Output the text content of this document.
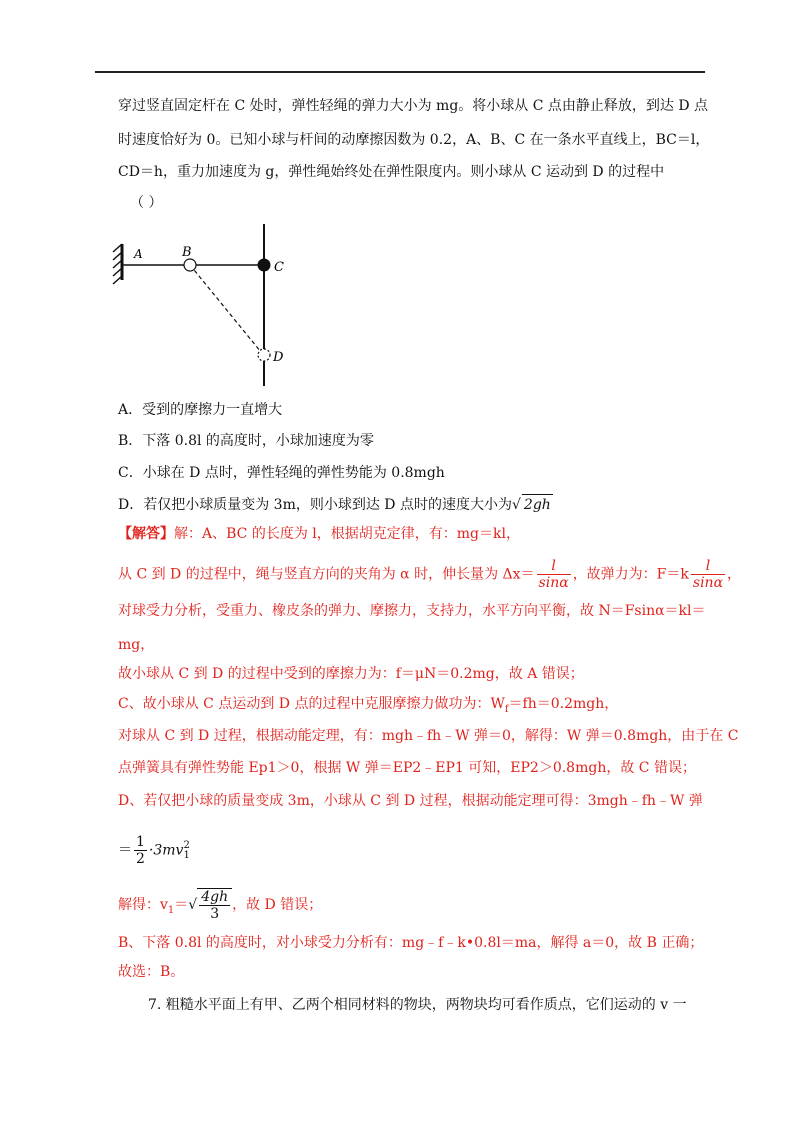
穿过竖直固定杆在 C 处时，弹性轻绳的弹力大小为 mg。将小球从 C 点由静止释放，到达 D 点
时速度恰好为 0。已知小球与杆间的动摩擦因数为 0.2，A、B、C 在一条水平直线上，BC＝l，
CD＝h，重力加速度为 g，弹性绳始终处在弹性限度内。则小球从 C 运动到 D 的过程中
（ ）
A	B
C
D
A．受到的摩擦力一直增大
B．下落 0.8l 的高度时，小球加速度为零
C．小球在 D 点时，弹性轻绳的弹性势能为 0.8mgh
D．若仅把小球质量变为 3m，则小球到达 D 点时的速度大小为√ 2gh
【解答】解：A、BC 的长度为 l，根据胡克定律，有：mg＝kl，
从 C 到 D 的过程中，绳与竖直方向的夹角为 α 时，伸长量为 $\Delta x= \frac{l}{\sin\alpha}$ ，故弹力为：$F=k \frac{l}{\sin\alpha}$ ，
对球受力分析，受重力、橡皮条的弹力、摩擦力，支持力，水平方向平衡，故 N＝Fsinα＝kl＝
mg，
故小球从 C 到 D 的过程中受到的摩擦力为：f＝μN＝0.2mg，故 A 错误；
C、故小球从 C 点运动到 D 点的过程中克服摩擦力做功为：$W_f=fh=0.2mgh$，
对球从 C 到 D 过程，根据动能定理，有：mgh﹣fh﹣W 弹＝0，解得：W 弹＝0.8mgh，由于在 C
点弹簧具有弹性势能 Ep1＞0，根据 W 弹＝EP2﹣EP1 可知，EP2＞0.8mgh，故 C 错误；
D、若仅把小球的质量变成 3m，小球从 C 到 D 过程，根据动能定理可得：3mgh﹣fh﹣W 弹
＝ $\frac{1}{2} \cdot 3mv$ 2
1
解得：$v_1=√ \frac{4gh}{3}$ ，故 D 错误；
B、下落 0.8l 的高度时，对小球受力分析有：mg﹣f﹣k•0.8l＝ma，解得 a＝0，故 B 正确；
故选：B。
7. 粗糙水平面上有甲、乙两个相同材料的物块，两物块均可看作质点，它们运动的 v 一
